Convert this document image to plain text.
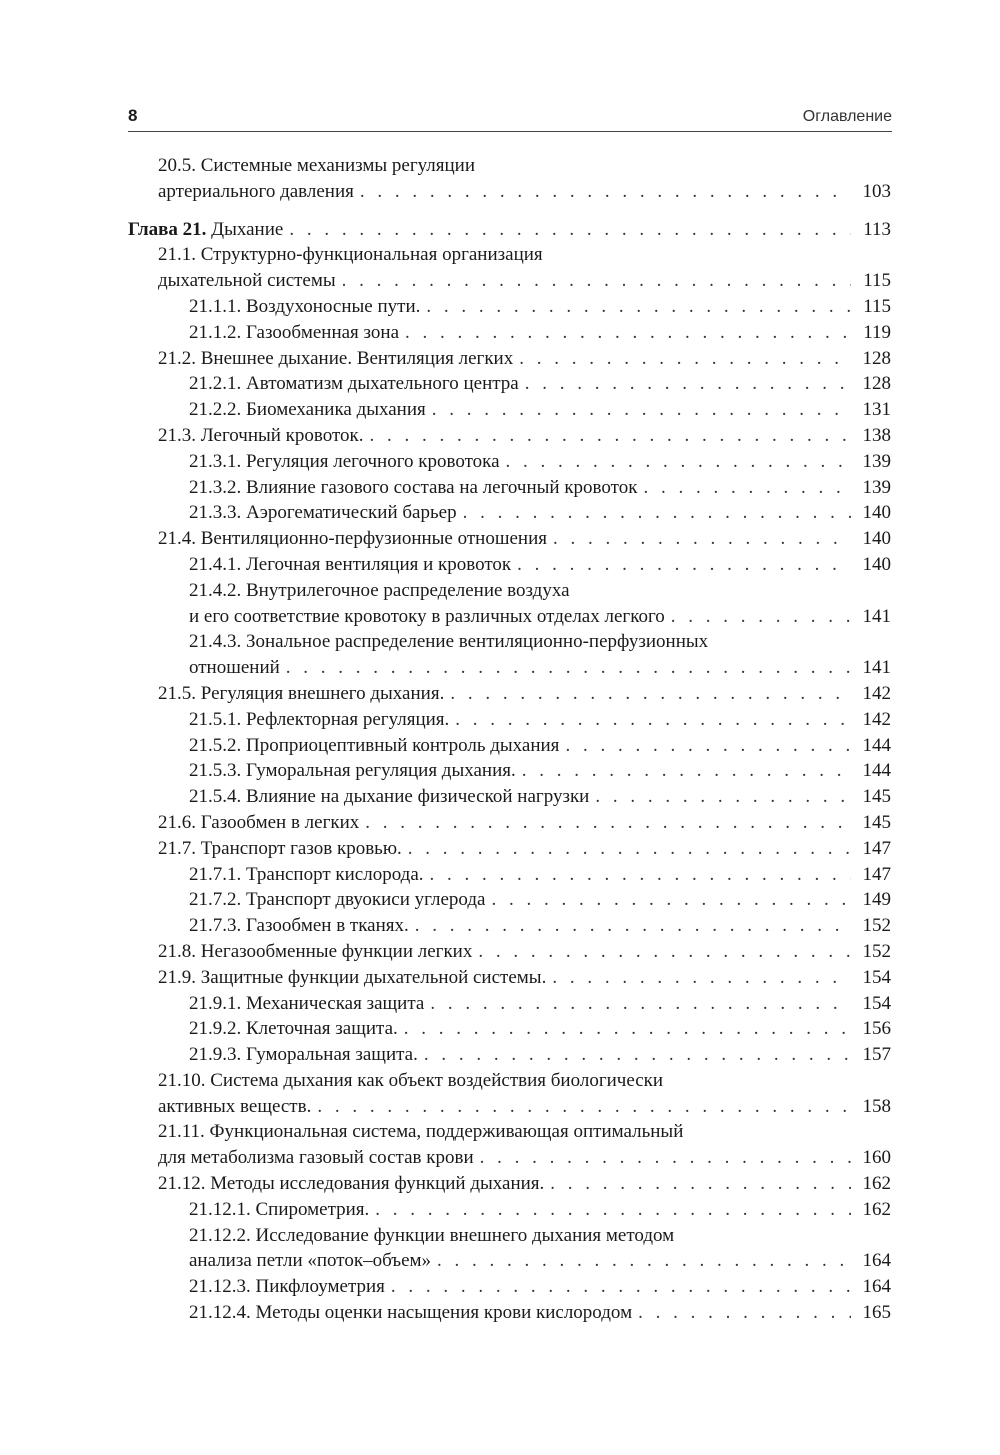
8	Оглавление
20.5. Системные механизмы регуляции
артериального давления . . .	103
Глава 21. Дыхание . . .	113
21.1. Структурно-функциональная организация
дыхательной системы . . .	115
21.1.1. Воздухоносные пути. . . .	115
21.1.2. Газообменная зона . . .	119
21.2. Внешнее дыхание. Вентиляция легких . . .	128
21.2.1. Автоматизм дыхательного центра . . .	128
21.2.2. Биомеханика дыхания . . .	131
21.3. Легочный кровоток. . . .	138
21.3.1. Регуляция легочного кровотока . . .	139
21.3.2. Влияние газового состава на легочный кровоток . . .	139
21.3.3. Аэрогематический барьер . . .	140
21.4. Вентиляционно-перфузионные отношения . . .	140
21.4.1. Легочная вентиляция и кровоток . . .	140
21.4.2. Внутрилегочное распределение воздуха
и его соответствие кровотоку в различных отделах легкого . . .	141
21.4.3. Зональное распределение вентиляционно-перфузионных
отношений . . .	141
21.5. Регуляция внешнего дыхания. . . .	142
21.5.1. Рефлекторная регуляция. . . .	142
21.5.2. Проприоцептивный контроль дыхания . . .	144
21.5.3. Гуморальная регуляция дыхания. . . .	144
21.5.4. Влияние на дыхание физической нагрузки . . .	145
21.6. Газообмен в легких . . .	145
21.7. Транспорт газов кровью. . . .	147
21.7.1. Транспорт кислорода. . . .	147
21.7.2. Транспорт двуокиси углерода . . .	149
21.7.3. Газообмен в тканях. . . .	152
21.8. Негазообменные функции легких . . .	152
21.9. Защитные функции дыхательной системы. . . .	154
21.9.1. Механическая защита . . .	154
21.9.2. Клеточная защита. . . .	156
21.9.3. Гуморальная защита. . . .	157
21.10. Система дыхания как объект воздействия биологически
активных веществ. . . .	158
21.11. Функциональная система, поддерживающая оптимальный
для метаболизма газовый состав крови . . .	160
21.12. Методы исследования функций дыхания. . . .	162
21.12.1. Спирометрия. . . .	162
21.12.2. Исследование функции внешнего дыхания методом
анализа петли «поток–объем» . . .	164
21.12.3. Пикфлоуметрия . . .	164
21.12.4. Методы оценки насыщения крови кислородом . . .	165
